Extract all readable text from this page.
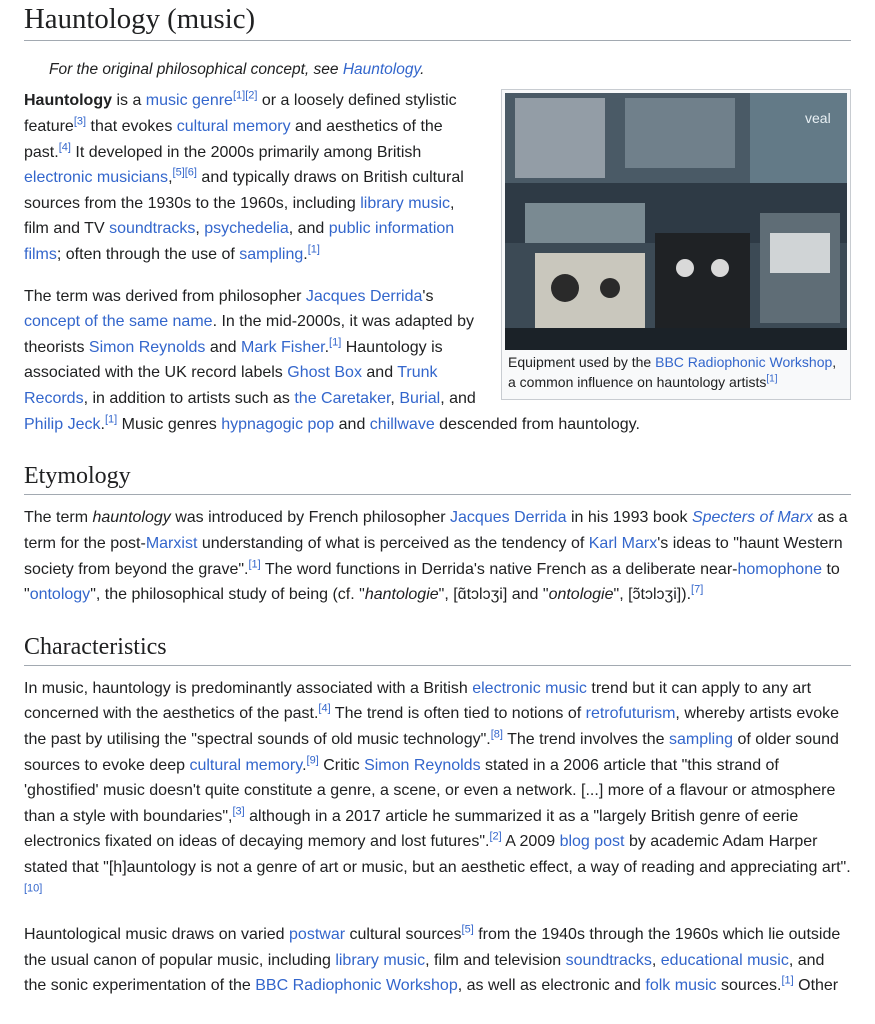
Hauntology (music)
For the original philosophical concept, see Hauntology.
veal
Equipment used by the BBC Radiophonic Workshop, a common influence on hauntology artists[1]

Hauntology is a music genre[1][2] or a loosely defined stylistic feature[3] that evokes cultural memory and aesthetics of the past.[4] It developed in the 2000s primarily among British electronic musicians,[5][6] and typically draws on British cultural sources from the 1930s to the 1960s, including library music, film and TV soundtracks, psychedelia, and public information films; often through the use of sampling.[1]

The term was derived from philosopher Jacques Derrida's concept of the same name. In the mid-2000s, it was adapted by theorists Simon Reynolds and Mark Fisher.[1] Hauntology is associated with the UK record labels Ghost Box and Trunk Records, in addition to artists such as the Caretaker, Burial, and Philip Jeck.[1] Music genres hypnagogic pop and chillwave descended from hauntology.

Etymology

The term hauntology was introduced by French philosopher Jacques Derrida in his 1993 book Specters of Marx as a term for the post-Marxist understanding of what is perceived as the tendency of Karl Marx's ideas to "haunt Western society from beyond the grave".[1] The word functions in Derrida's native French as a deliberate near-homophone to "ontology", the philosophical study of being (cf. "hantologie", [ɑ̃tɔlɔʒi] and "ontologie", [ɔ̃tɔlɔʒi]).[7]

Characteristics

In music, hauntology is predominantly associated with a British electronic music trend but it can apply to any art concerned with the aesthetics of the past.[4] The trend is often tied to notions of retrofuturism, whereby artists evoke the past by utilising the "spectral sounds of old music technology".[8] The trend involves the sampling of older sound sources to evoke deep cultural memory.[9] Critic Simon Reynolds stated in a 2006 article that "this strand of 'ghostified' music doesn't quite constitute a genre, a scene, or even a network. [...] more of a flavour or atmosphere than a style with boundaries",[3] although in a 2017 article he summarized it as a "largely British genre of eerie electronics fixated on ideas of decaying memory and lost futures".[2] A 2009 blog post by academic Adam Harper stated that "[h]auntology is not a genre of art or music, but an aesthetic effect, a way of reading and appreciating art".[10]

Hauntological music draws on varied postwar cultural sources[5] from the 1940s through the 1960s which lie outside the usual canon of popular music, including library music, film and television soundtracks, educational music, and the sonic experimentation of the BBC Radiophonic Workshop, as well as electronic and folk music sources.[1] Other
